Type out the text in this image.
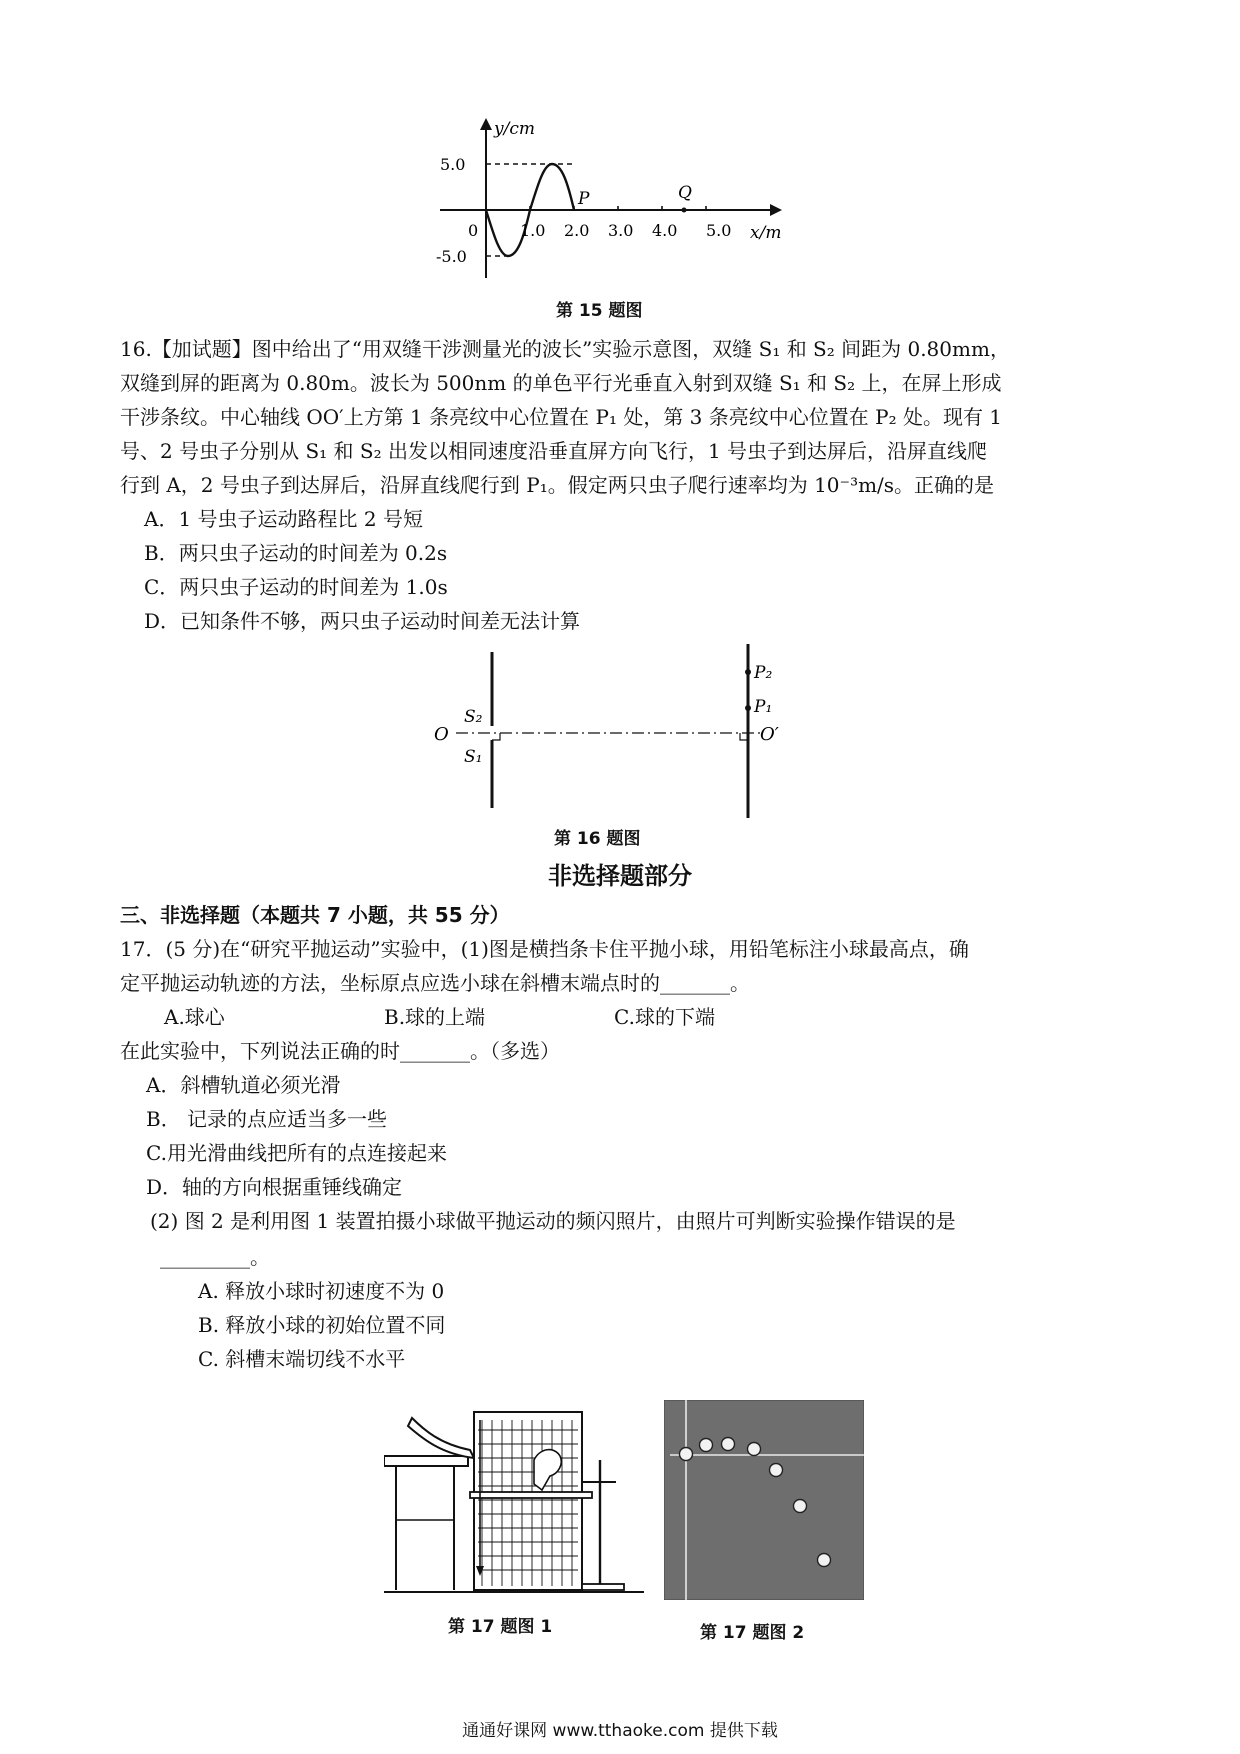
y/cm
x/m
5.0
-5.0
0	1.0 2.0 3.0 4.0 5.0
P	Q
第 15 题图
16.【加试题】图中给出了“用双缝干涉测量光的波长”实验示意图，双缝 S₁ 和 S₂ 间距为 0.80mm，
双缝到屏的距离为 0.80m。波长为 500nm 的单色平行光垂直入射到双缝 S₁ 和 S₂ 上，在屏上形成
干涉条纹。中心轴线 OO′上方第 1 条亮纹中心位置在 P₁ 处，第 3 条亮纹中心位置在 P₂ 处。现有 1
号、2 号虫子分别从 S₁ 和 S₂ 出发以相同速度沿垂直屏方向飞行，1 号虫子到达屏后，沿屏直线爬
行到 A，2 号虫子到达屏后，沿屏直线爬行到 P₁。假定两只虫子爬行速率均为 10⁻³m/s。正确的是
A．1 号虫子运动路程比 2 号短
B．两只虫子运动的时间差为 0.2s
C．两只虫子运动的时间差为 1.0s
D．已知条件不够，两只虫子运动时间差无法计算
O	O′
S₂
S₁
P₂
P₁
第 16 题图
非选择题部分
三、非选择题（本题共 7 小题，共 55 分）
17．(5 分)在“研究平抛运动”实验中，(1)图是横挡条卡住平抛小球，用铅笔标注小球最高点，确
定平抛运动轨迹的方法，坐标原点应选小球在斜槽末端点时的_______。
A.球心	B.球的上端	C.球的下端
在此实验中，下列说法正确的时_______。（多选）
A．斜槽轨道必须光滑
B． 记录的点应适当多一些
C.用光滑曲线把所有的点连接起来
D．轴的方向根据重锤线确定
(2) 图 2 是利用图 1 装置拍摄小球做平抛运动的频闪照片，由照片可判断实验操作错误的是
_________。
A. 释放小球时初速度不为 0
B. 释放小球的初始位置不同
C. 斜槽末端切线不水平
第 17 题图 1	第 17 题图 2
通通好课网 www.tthaoke.com 提供下载
